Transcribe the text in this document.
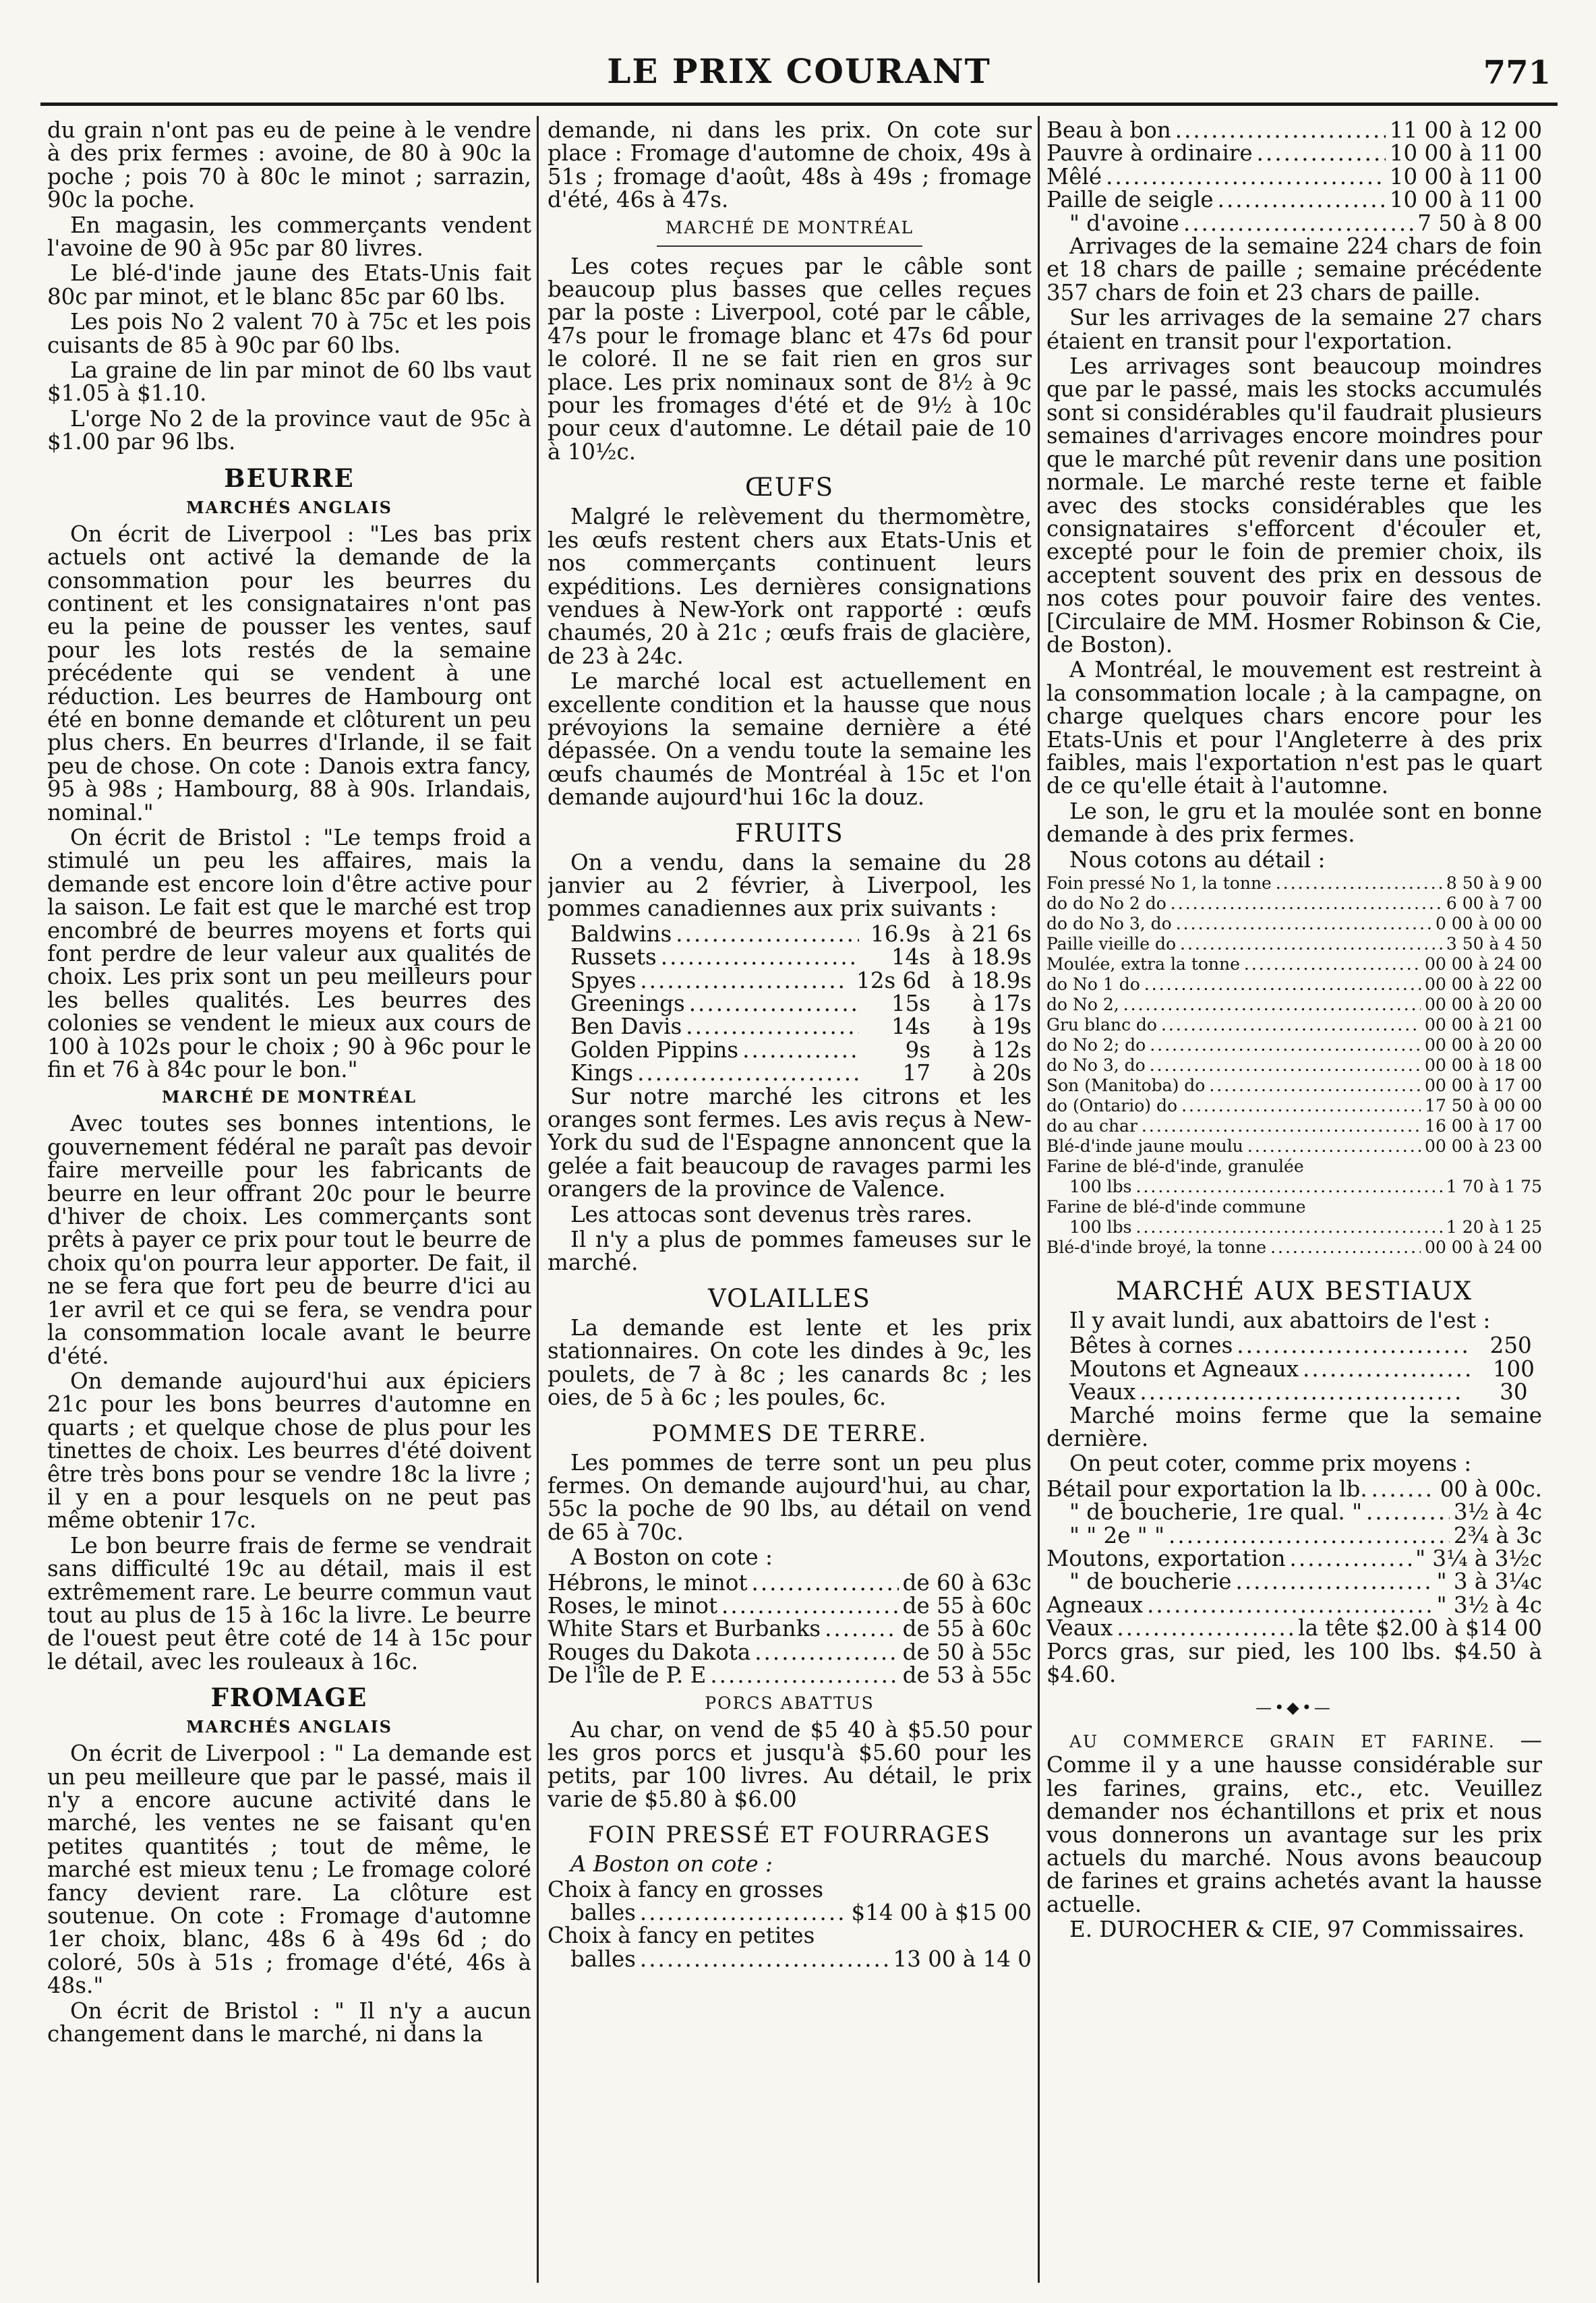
LE PRIX COURANT	771

du grain n'ont pas eu de peine à le vendre à des prix fermes : avoine, de 80 à 90c la poche ; pois 70 à 80c le minot ; sarrazin, 90c la poche.

En magasin, les commerçants vendent l'avoine de 90 à 95c par 80 livres.

Le blé-d'inde jaune des Etats-Unis fait 80c par minot, et le blanc 85c par 60 lbs.

Les pois No 2 valent 70 à 75c et les pois cuisants de 85 à 90c par 60 lbs.

La graine de lin par minot de 60 lbs vaut $1.05 à $1.10.

L'orge No 2 de la province vaut de 95c à $1.00 par 96 lbs.

BEURRE
MARCHÉS ANGLAIS

On écrit de Liverpool : "Les bas prix actuels ont activé la demande de la consommation pour les beurres du continent et les consignataires n'ont pas eu la peine de pousser les ventes, sauf pour les lots restés de la semaine précédente qui se vendent à une réduction. Les beurres de Hambourg ont été en bonne demande et clôturent un peu plus chers. En beurres d'Irlande, il se fait peu de chose. On cote : Danois extra fancy, 95 à 98s ; Hambourg, 88 à 90s. Irlandais, nominal."

On écrit de Bristol : "Le temps froid a stimulé un peu les affaires, mais la demande est encore loin d'être active pour la saison. Le fait est que le marché est trop encombré de beurres moyens et forts qui font perdre de leur valeur aux qualités de choix. Les prix sont un peu meilleurs pour les belles qualités. Les beurres des colonies se vendent le mieux aux cours de 100 à 102s pour le choix ; 90 à 96c pour le fin et 76 à 84c pour le bon."

MARCHÉ DE MONTRÉAL

Avec toutes ses bonnes intentions, le gouvernement fédéral ne paraît pas devoir faire merveille pour les fabricants de beurre en leur offrant 20c pour le beurre d'hiver de choix. Les commerçants sont prêts à payer ce prix pour tout le beurre de choix qu'on pourra leur apporter. De fait, il ne se fera que fort peu de beurre d'ici au 1er avril et ce qui se fera, se vendra pour la consommation locale avant le beurre d'été.

On demande aujourd'hui aux épiciers 21c pour les bons beurres d'automne en quarts ; et quelque chose de plus pour les tinettes de choix. Les beurres d'été doivent être très bons pour se vendre 18c la livre ; il y en a pour lesquels on ne peut pas même obtenir 17c.

Le bon beurre frais de ferme se vendrait sans difficulté 19c au détail, mais il est extrêmement rare. Le beurre commun vaut tout au plus de 15 à 16c la livre. Le beurre de l'ouest peut être coté de 14 à 15c pour le détail, avec les rouleaux à 16c.

FROMAGE
MARCHÉS ANGLAIS

On écrit de Liverpool : " La demande est un peu meilleure que par le passé, mais il n'y a encore aucune activité dans le marché, les ventes ne se faisant qu'en petites quantités ; tout de même, le marché est mieux tenu ; Le fromage coloré fancy devient rare. La clôture est soutenue. On cote : Fromage d'automne 1er choix, blanc, 48s 6 à 49s 6d ; do coloré, 50s à 51s ; fromage d'été, 46s à 48s."

On écrit de Bristol : " Il n'y a aucun changement dans le marché, ni dans la

demande, ni dans les prix. On cote sur place : Fromage d'automne de choix, 49s à 51s ; fromage d'août, 48s à 49s ; fromage d'été, 46s à 47s.

MARCHÉ DE MONTRÉAL

Les cotes reçues par le câble sont beaucoup plus basses que celles reçues par la poste : Liverpool, coté par le câble, 47s pour le fromage blanc et 47s 6d pour le coloré. Il ne se fait rien en gros sur place. Les prix nominaux sont de 8½ à 9c pour les fromages d'été et de 9½ à 10c pour ceux d'automne. Le détail paie de 10 à 10½c.

ŒUFS

Malgré le relèvement du thermomètre, les œufs restent chers aux Etats-Unis et nos commerçants continuent leurs expéditions. Les dernières consignations vendues à New-York ont rapporté : œufs chaumés, 20 à 21c ; œufs frais de glacière, de 23 à 24c.

Le marché local est actuellement en excellente condition et la hausse que nous prévoyions la semaine dernière a été dépassée. On a vendu toute la semaine les œufs chaumés de Montréal à 15c et l'on demande aujourd'hui 16c la douz.

FRUITS

On a vendu, dans la semaine du 28 janvier au 2 février, à Liverpool, les pommes canadiennes aux prix suivants :

Baldwins .....	16.9s à 21 6s
Russets .....	14s à 18.9s
Spyes .....	12s 6d à 18.9s
Greenings .....	15s	à 17s
Ben Davis .....	14s	à 19s
Golden Pippins .....	9s	à 12s
Kings .....	17	à 20s

Sur notre marché les citrons et les oranges sont fermes. Les avis reçus à New-York du sud de l'Espagne annoncent que la gelée a fait beaucoup de ravages parmi les orangers de la province de Valence.

Les attocas sont devenus très rares.

Il n'y a plus de pommes fameuses sur le marché.

VOLAILLES

La demande est lente et les prix stationnaires. On cote les dindes à 9c, les poulets, de 7 à 8c ; les canards 8c ; les oies, de 5 à 6c ; les poules, 6c.

POMMES DE TERRE.

Les pommes de terre sont un peu plus fermes. On demande aujourd'hui, au char, 55c la poche de 90 lbs, au détail on vend de 65 à 70c.

A Boston on cote :

Hébrons, le minot .....	de 60 à 63c
Roses, le minot .....	de 55 à 60c
White Stars et Burbanks .....	de 55 à 60c
Rouges du Dakota .....	de 50 à 55c
De l'île de P. E .....	de 53 à 55c
PORCS ABATTUS

Au char, on vend de $5 40 à $5.50 pour les gros porcs et jusqu'à $5.60 pour les petits, par 100 livres. Au détail, le prix varie de $5.80 à $6.00

FOIN PRESSÉ ET FOURRAGES

A Boston on cote :

Choix à fancy en grosses
balles .....	$14 00 à $15 00
Choix à fancy en petites
balles .....	13 00 à 14 0
Beau à bon .....	11 00 à 12 00
Pauvre à ordinaire .....	10 00 à 11 00
Mêlé .....	10 00 à 11 00
Paille de seigle .....	10 00 à 11 00
" d'avoine .....	7 50 à 8 00

Arrivages de la semaine 224 chars de foin et 18 chars de paille ; semaine précédente 357 chars de foin et 23 chars de paille.

Sur les arrivages de la semaine 27 chars étaient en transit pour l'exportation.

Les arrivages sont beaucoup moindres que par le passé, mais les stocks accumulés sont si considérables qu'il faudrait plusieurs semaines d'arrivages encore moindres pour que le marché pût revenir dans une position normale. Le marché reste terne et faible avec des stocks considérables que les consignataires s'efforcent d'écouler et, excepté pour le foin de premier choix, ils acceptent souvent des prix en dessous de nos cotes pour pouvoir faire des ventes. [Circulaire de MM. Hosmer Robinson & Cie, de Boston).

A Montréal, le mouvement est restreint à la consommation locale ; à la campagne, on charge quelques chars encore pour les Etats-Unis et pour l'Angleterre à des prix faibles, mais l'exportation n'est pas le quart de ce qu'elle était à l'automne.

Le son, le gru et la moulée sont en bonne demande à des prix fermes.

Nous cotons au détail :

Foin pressé No 1, la tonne .....	8 50 à 9 00
do do No 2 do .....	6 00 à 7 00
do do No 3, do .....	0 00 à 00 00
Paille vieille do .....	3 50 à 4 50
Moulée, extra la tonne .....	00 00 à 24 00
do No 1 do .....	00 00 à 22 00
do No 2, .....	00 00 à 20 00
Gru blanc do .....	00 00 à 21 00
do No 2; do .....	00 00 à 20 00
do No 3, do .....	00 00 à 18 00
Son (Manitoba) do .....	00 00 à 17 00
do (Ontario) do .....	17 50 à 00 00
do au char .....	16 00 à 17 00
Blé-d'inde jaune moulu .....	00 00 à 23 00
Farine de blé-d'inde, granulée
100 lbs .....	1 70 à 1 75
Farine de blé-d'inde commune
100 lbs .....	1 20 à 1 25
Blé-d'inde broyé, la tonne .....	00 00 à 24 00
MARCHÉ AUX BESTIAUX

Il y avait lundi, aux abattoirs de l'est :

Bêtes à cornes .....	250
Moutons et Agneaux .....	100
Veaux .....	30

Marché moins ferme que la semaine dernière.

On peut coter, comme prix moyens :

Bétail pour exportation la lb. .....	00 à 00c.
" de boucherie, 1re qual. " .....	3½ à 4c
" " 2e " " .....	2¾ à 3c
Moutons, exportation .....	" 3¼ à 3½c
" de boucherie .....	" 3 à 3¼c
Agneaux .....	" 3½ à 4c
Veaux .....	la tête $2.00 à $14 00

Porcs gras, sur pied, les 100 lbs. $4.50 à $4.60.

—•◆•—

AU COMMERCE GRAIN ET FARINE. — Comme il y a une hausse considérable sur les farines, grains, etc., etc. Veuillez demander nos échantillons et prix et nous vous donnerons un avantage sur les prix actuels du marché. Nous avons beaucoup de farines et grains achetés avant la hausse actuelle.

E. DUROCHER & CIE, 97 Commissaires.
